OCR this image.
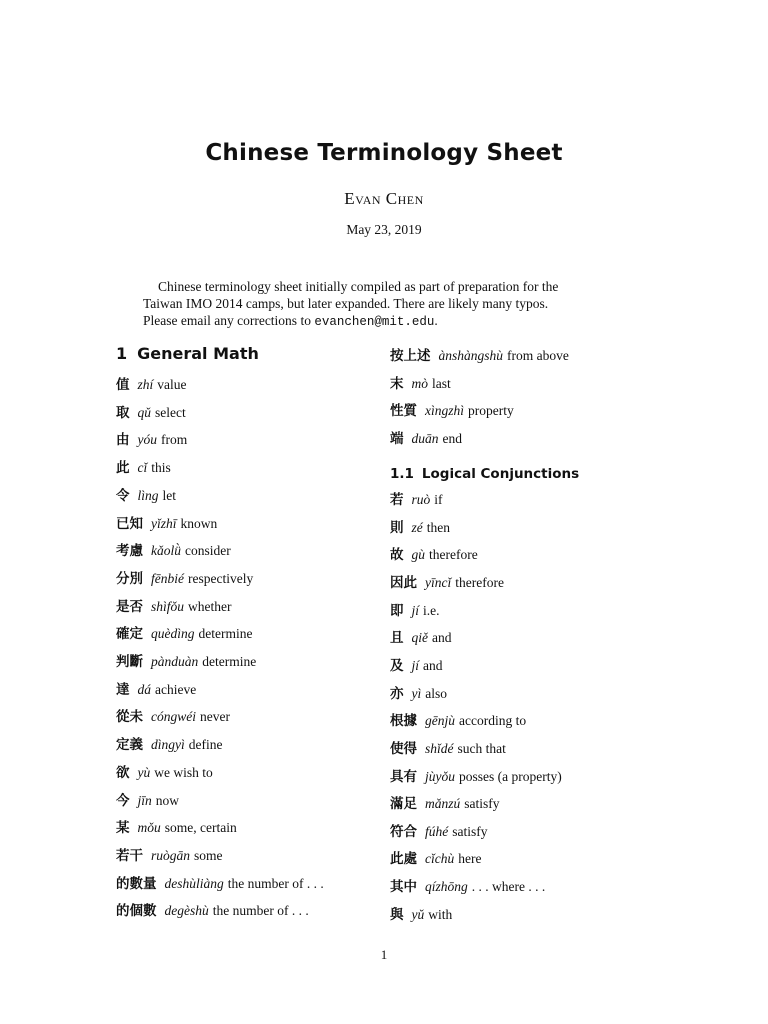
Chinese Terminology Sheet
Evan Chen
May 23, 2019
Chinese terminology sheet initially compiled as part of preparation for the
Taiwan IMO 2014 camps, but later expanded. There are likely many typos.
Please email any corrections to evanchen@mit.edu.
1 General Math
值 zhí value
取 qǔ select
由 yóu from
此 cǐ this
令 lìng let
已知 yǐzhī known
考慮 kǎolǜ consider
分別 fēnbié respectively
是否 shìfǒu whether
確定 quèdìng determine
判斷 pànduàn determine
達 dá achieve
從未 cóngwéi never
定義 dìngyì define
欲 yù we wish to
今 jīn now
某 mǒu some, certain
若干 ruògān some
的數量 deshùliàng the number of . . .
的個數 degèshù the number of . . .
按上述 ànshàngshù from above
末 mò last
性質 xìngzhì property
端 duān end
1.1 Logical Conjunctions
若 ruò if
則 zé then
故 gù therefore
因此 yīncǐ therefore
即 jí i.e.
且 qiě and
及 jí and
亦 yì also
根據 gēnjù according to
使得 shǐdé such that
具有 jùyǒu posses (a property)
滿足 mǎnzú satisfy
符合 fúhé satisfy
此處 cǐchù here
其中 qízhōng . . . where . . .
與 yǔ with
1
